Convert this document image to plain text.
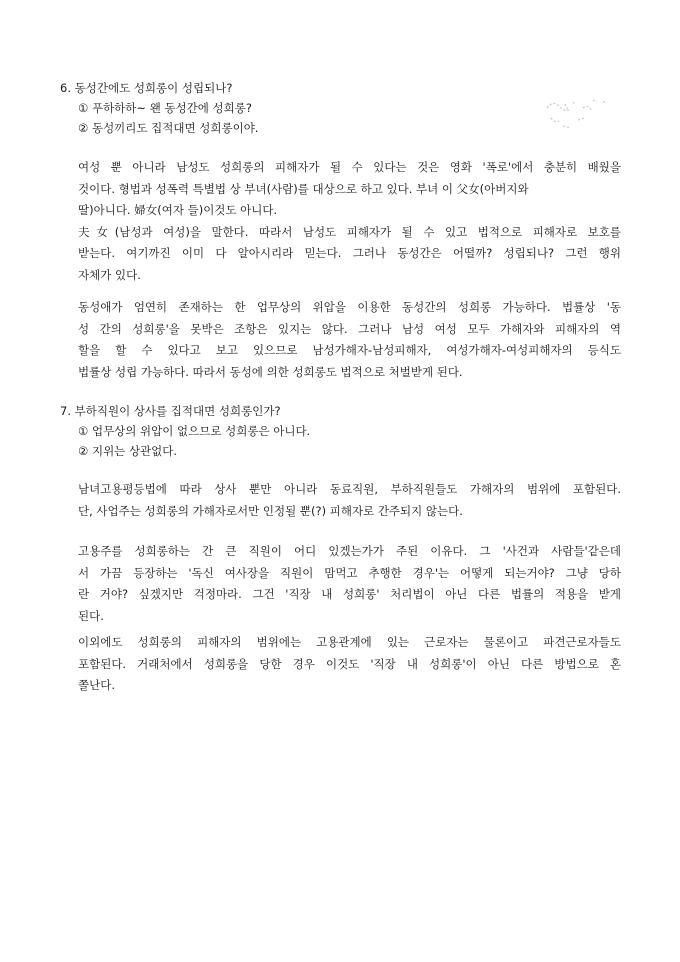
6. 동성간에도 성희롱이 성립되나?
① 푸하하하~ 왠 동성간에 성희롱?
② 동성끼리도 집적대면 성희롱이야.
여성 뿐 아니라 남성도 성희롱의 피해자가 될 수 있다는 것은 영화 '폭로'에서 충분히 배웠을
것이다. 형법과 성폭력 특별법 상 부녀(사람)를 대상으로 하고 있다. 부녀 이 父女(아버지와
딸)아니다. 婦女(여자 들)이것도 아니다.
夫女(남성과 여성)을 말한다. 따라서 남성도 피해자가 될 수 있고 법적으로 피해자로 보호를
받는다. 여기까진 이미 다 알아시리라 믿는다. 그러나 동성간은 어떨까? 성립되나? 그런 행위
자체가 있다.
동성애가 엄연히 존재하는 한 업무상의 위압을 이용한 동성간의 성희롱 가능하다. 법률상 '동
성 간의 성희롱'을 못박은 조항은 있지는 않다. 그러나 남성 여성 모두 가해자와 피해자의 역
할을 할 수 있다고 보고 있으므로 남성가해자-남성피해자, 여성가해자-여성피해자의 등식도
법률상 성립 가능하다. 따라서 동성에 의한 성희롱도 법적으로 처벌받게 된다.
7. 부하직원이 상사를 집적대면 성희롱인가?
① 업무상의 위압이 없으므로 성희롱은 아니다.
② 지위는 상관없다.
남녀고용평등법에 따라 상사 뿐만 아니라 동료직원, 부하직원들도 가해자의 범위에 포함된다.
단, 사업주는 성희롱의 가해자로서만 인정될 뿐(?) 피해자로 간주되지 않는다.
고용주를 성희롱하는 간 큰 직원이 어디 있겠는가가 주된 이유다. 그 '사건과 사람들'같은데
서 가끔 등장하는 '독신 여사장을 직원이 맘먹고 추행한 경우'는 어떻게 되는거야? 그냥 당하
란 거야? 싶겠지만 걱정마라. 그건 '직장 내 성희롱' 처리법이 아닌 다른 법률의 적용을 받게
된다.
이외에도 성희롱의 피해자의 범위에는 고용관계에 있는 근로자는 물론이고 파견근로자들도
포함된다. 거래처에서 성희롱을 당한 경우 이것도 '직장 내 성희롱'이 아닌 다른 방법으로 혼
쫄난다.
